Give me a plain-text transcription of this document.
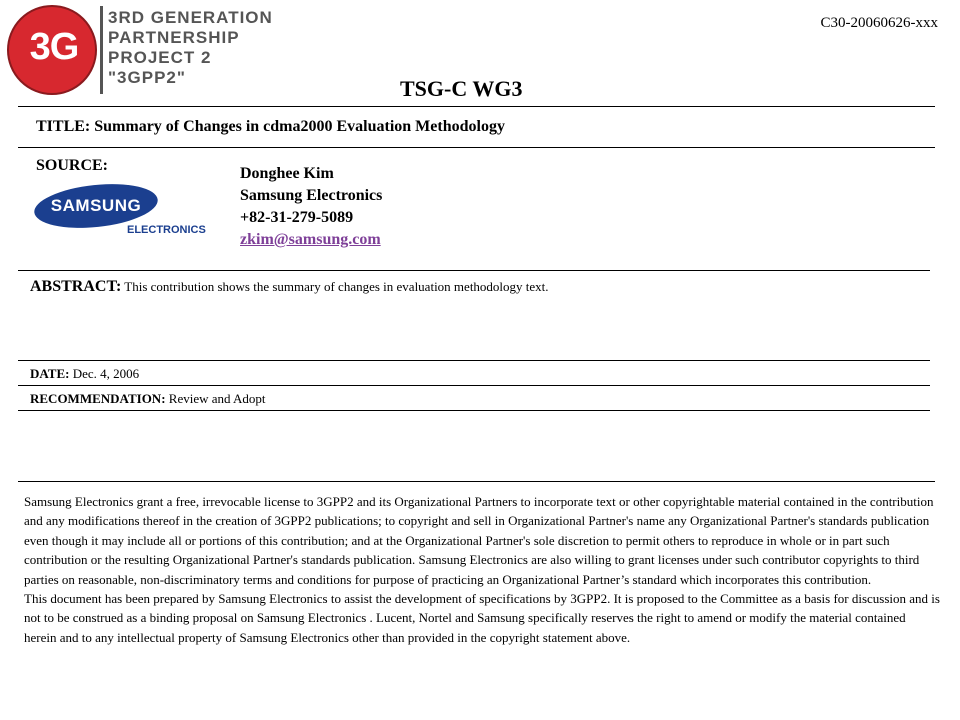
3G
3RD GENERATION
PARTNERSHIP
PROJECT 2
"3GPP2"
C30-20060626-xxx
TSG-C WG3
TITLE: Summary of Changes in cdma2000 Evaluation Methodology
SOURCE:
SAMSUNG
ELECTRONICS
Donghee Kim
Samsung Electronics
+82-31-279-5089
zkim@samsung.com
ABSTRACT: This contribution shows the summary of changes in evaluation methodology text.
DATE: Dec. 4, 2006
RECOMMENDATION: Review and Adopt

Samsung Electronics grant a free, irrevocable license to 3GPP2 and its Organizational Partners to incorporate text or other copyrightable material contained in the contribution and any modifications thereof in the creation of 3GPP2 publications; to copyright and sell in Organizational Partner's name any Organizational Partner's standards publication even though it may include all or portions of this contribution; and at the Organizational Partner's sole discretion to permit others to reproduce in whole or in part such contribution or the resulting Organizational Partner's standards publication. Samsung Electronics are also willing to grant licenses under such contributor copyrights to third parties on reasonable, non-discriminatory terms and conditions for purpose of practicing an Organizational Partner’s standard which incorporates this contribution.

This document has been prepared by Samsung Electronics to assist the development of specifications by 3GPP2. It is proposed to the Committee as a basis for discussion and is not to be construed as a binding proposal on Samsung Electronics . Lucent, Nortel and Samsung specifically reserves the right to amend or modify the material contained herein and to any intellectual property of Samsung Electronics other than provided in the copyright statement above.
